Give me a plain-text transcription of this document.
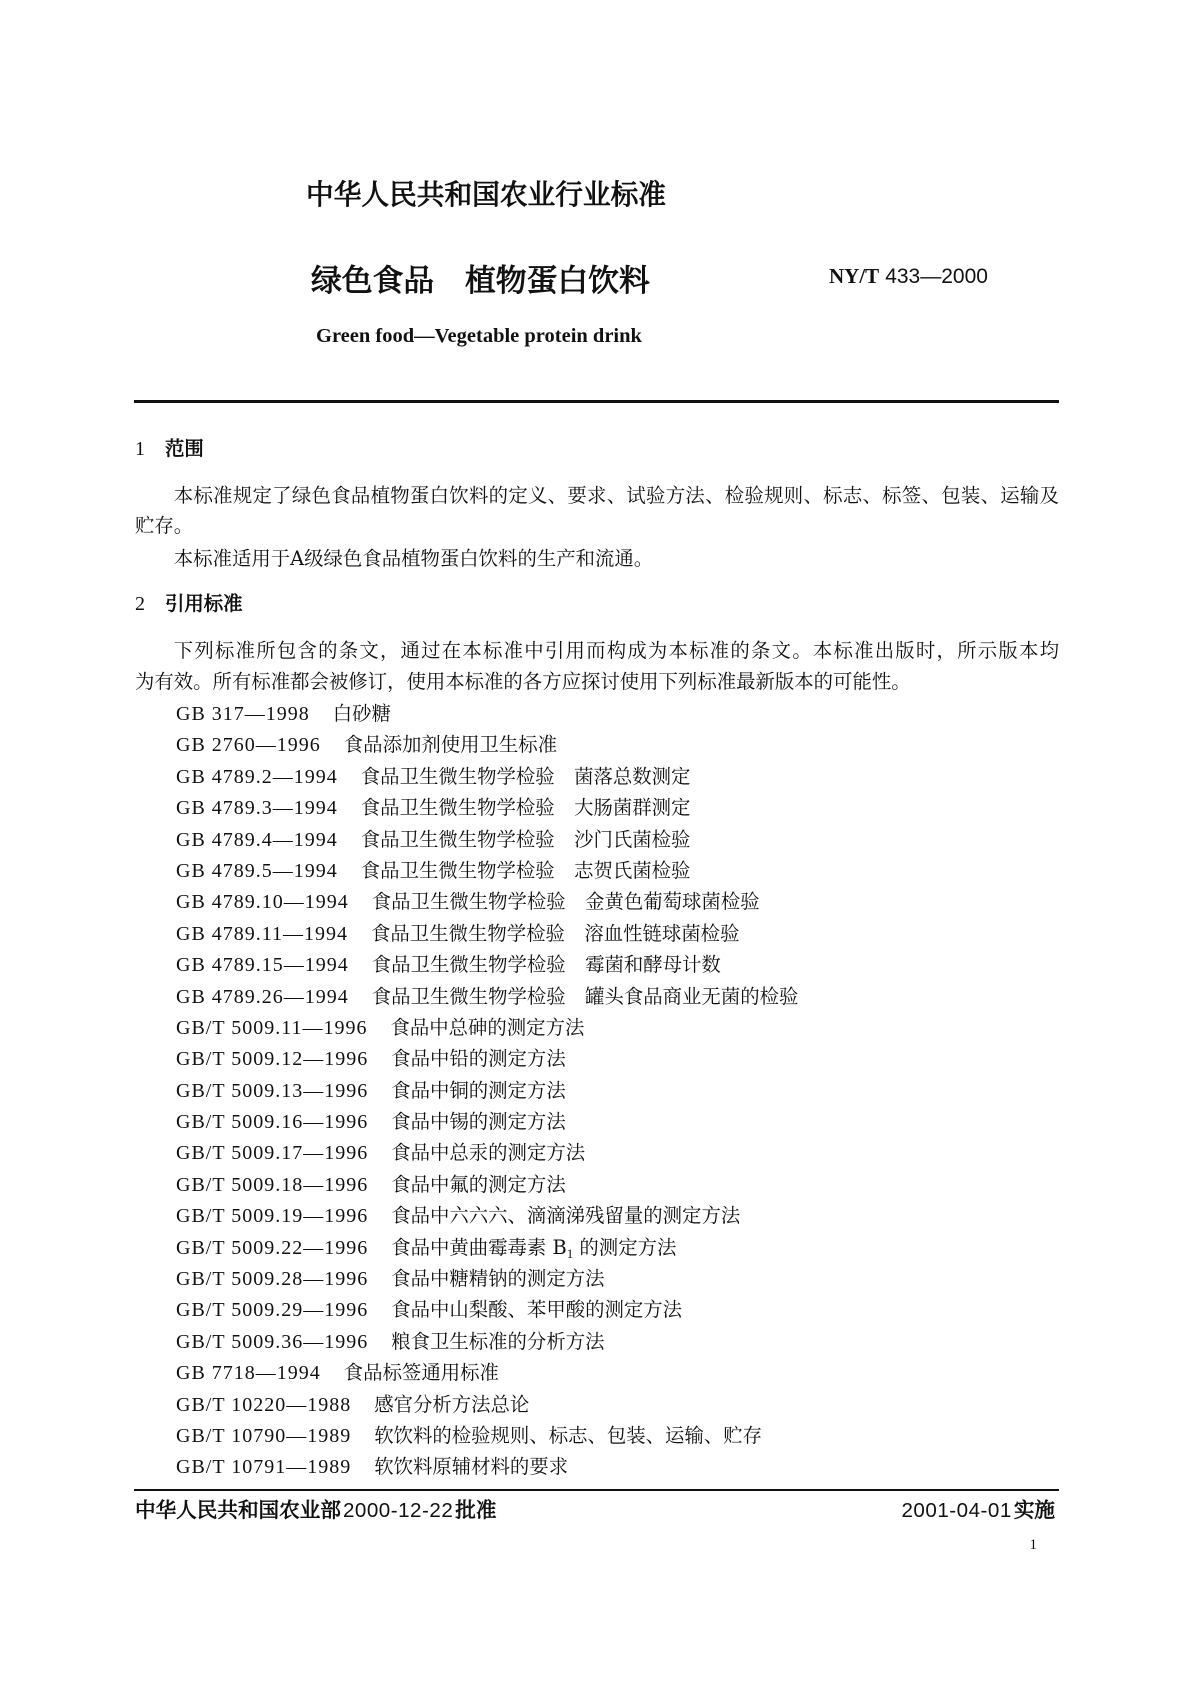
中华人民共和国农业行业标准
绿色食品　植物蛋白饮料	NY/T 433—2000
Green food—Vegetable protein drink
1 范围
本标准规定了绿色食品植物蛋白饮料的定义、要求、试验方法、检验规则、标志、标签、包装、运输及
贮存。
本标准适用于A级绿色食品植物蛋白饮料的生产和流通。
2 引用标准
下列标准所包含的条文，通过在本标准中引用而构成为本标准的条文。本标准出版时，所示版本均
为有效。所有标准都会被修订，使用本标准的各方应探讨使用下列标准最新版本的可能性。
GB 317—1998 白砂糖
GB 2760—1996 食品添加剂使用卫生标准
GB 4789.2—1994 食品卫生微生物学检验　菌落总数测定
GB 4789.3—1994 食品卫生微生物学检验　大肠菌群测定
GB 4789.4—1994 食品卫生微生物学检验　沙门氏菌检验
GB 4789.5—1994 食品卫生微生物学检验　志贺氏菌检验
GB 4789.10—1994 食品卫生微生物学检验　金黄色葡萄球菌检验
GB 4789.11—1994 食品卫生微生物学检验　溶血性链球菌检验
GB 4789.15—1994 食品卫生微生物学检验　霉菌和酵母计数
GB 4789.26—1994 食品卫生微生物学检验　罐头食品商业无菌的检验
GB/T 5009.11—1996 食品中总砷的测定方法
GB/T 5009.12—1996 食品中铅的测定方法
GB/T 5009.13—1996 食品中铜的测定方法
GB/T 5009.16—1996 食品中锡的测定方法
GB/T 5009.17—1996 食品中总汞的测定方法
GB/T 5009.18—1996 食品中氟的测定方法
GB/T 5009.19—1996 食品中六六六、滴滴涕残留量的测定方法
GB/T 5009.22—1996 食品中黄曲霉毒素 $B_1$ 的测定方法
GB/T 5009.28—1996 食品中糖精钠的测定方法
GB/T 5009.29—1996 食品中山梨酸、苯甲酸的测定方法
GB/T 5009.36—1996 粮食卫生标准的分析方法
GB 7718—1994 食品标签通用标准
GB/T 10220—1988 感官分析方法总论
GB/T 10790—1989 软饮料的检验规则、标志、包装、运输、贮存
GB/T 10791—1989 软饮料原辅材料的要求
中华人民共和国农业部2000-12-22批准	2001-04-01实施
1
